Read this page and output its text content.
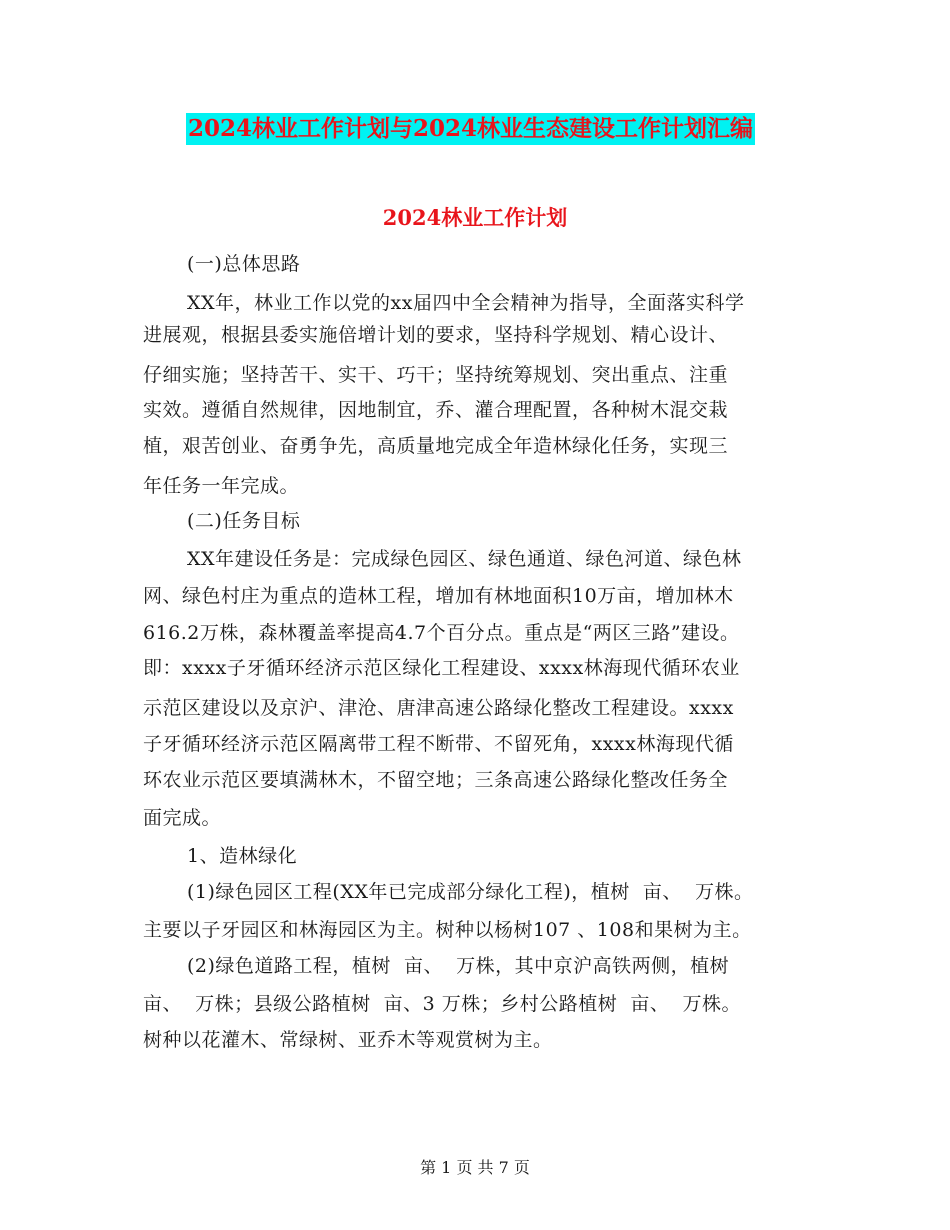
2024林业工作计划与2024林业生态建设工作计划汇编
2024林业工作计划
(一)总体思路
XX年，林业工作以党的xx届四中全会精神为指导，全面落实科学
进展观，根据县委实施倍增计划的要求，坚持科学规划、精心设计、
仔细实施；坚持苦干、实干、巧干；坚持统筹规划、突出重点、注重
实效。遵循自然规律，因地制宜，乔、灌合理配置，各种树木混交栽
植，艰苦创业、奋勇争先，高质量地完成全年造林绿化任务，实现三
年任务一年完成。
(二)任务目标
XX年建设任务是：完成绿色园区、绿色通道、绿色河道、绿色林
网、绿色村庄为重点的造林工程，增加有林地面积10万亩，增加林木
616.2万株，森林覆盖率提高4.7个百分点。重点是“两区三路”建设。
即：xxxx子牙循环经济示范区绿化工程建设、xxxx林海现代循环农业
示范区建设以及京沪、津沧、唐津高速公路绿化整改工程建设。xxxx
子牙循环经济示范区隔离带工程不断带、不留死角，xxxx林海现代循
环农业示范区要填满林木，不留空地；三条高速公路绿化整改任务全
面完成。
1、造林绿化
(1)绿色园区工程(XX年已完成部分绿化工程)，植树  亩、  万株。
主要以子牙园区和林海园区为主。树种以杨树107 、108和果树为主。
(2)绿色道路工程，植树  亩、  万株，其中京沪高铁两侧，植树
亩、  万株；县级公路植树  亩、3 万株；乡村公路植树  亩、  万株。
树种以花灌木、常绿树、亚乔木等观赏树为主。
第 1 页 共 7 页
